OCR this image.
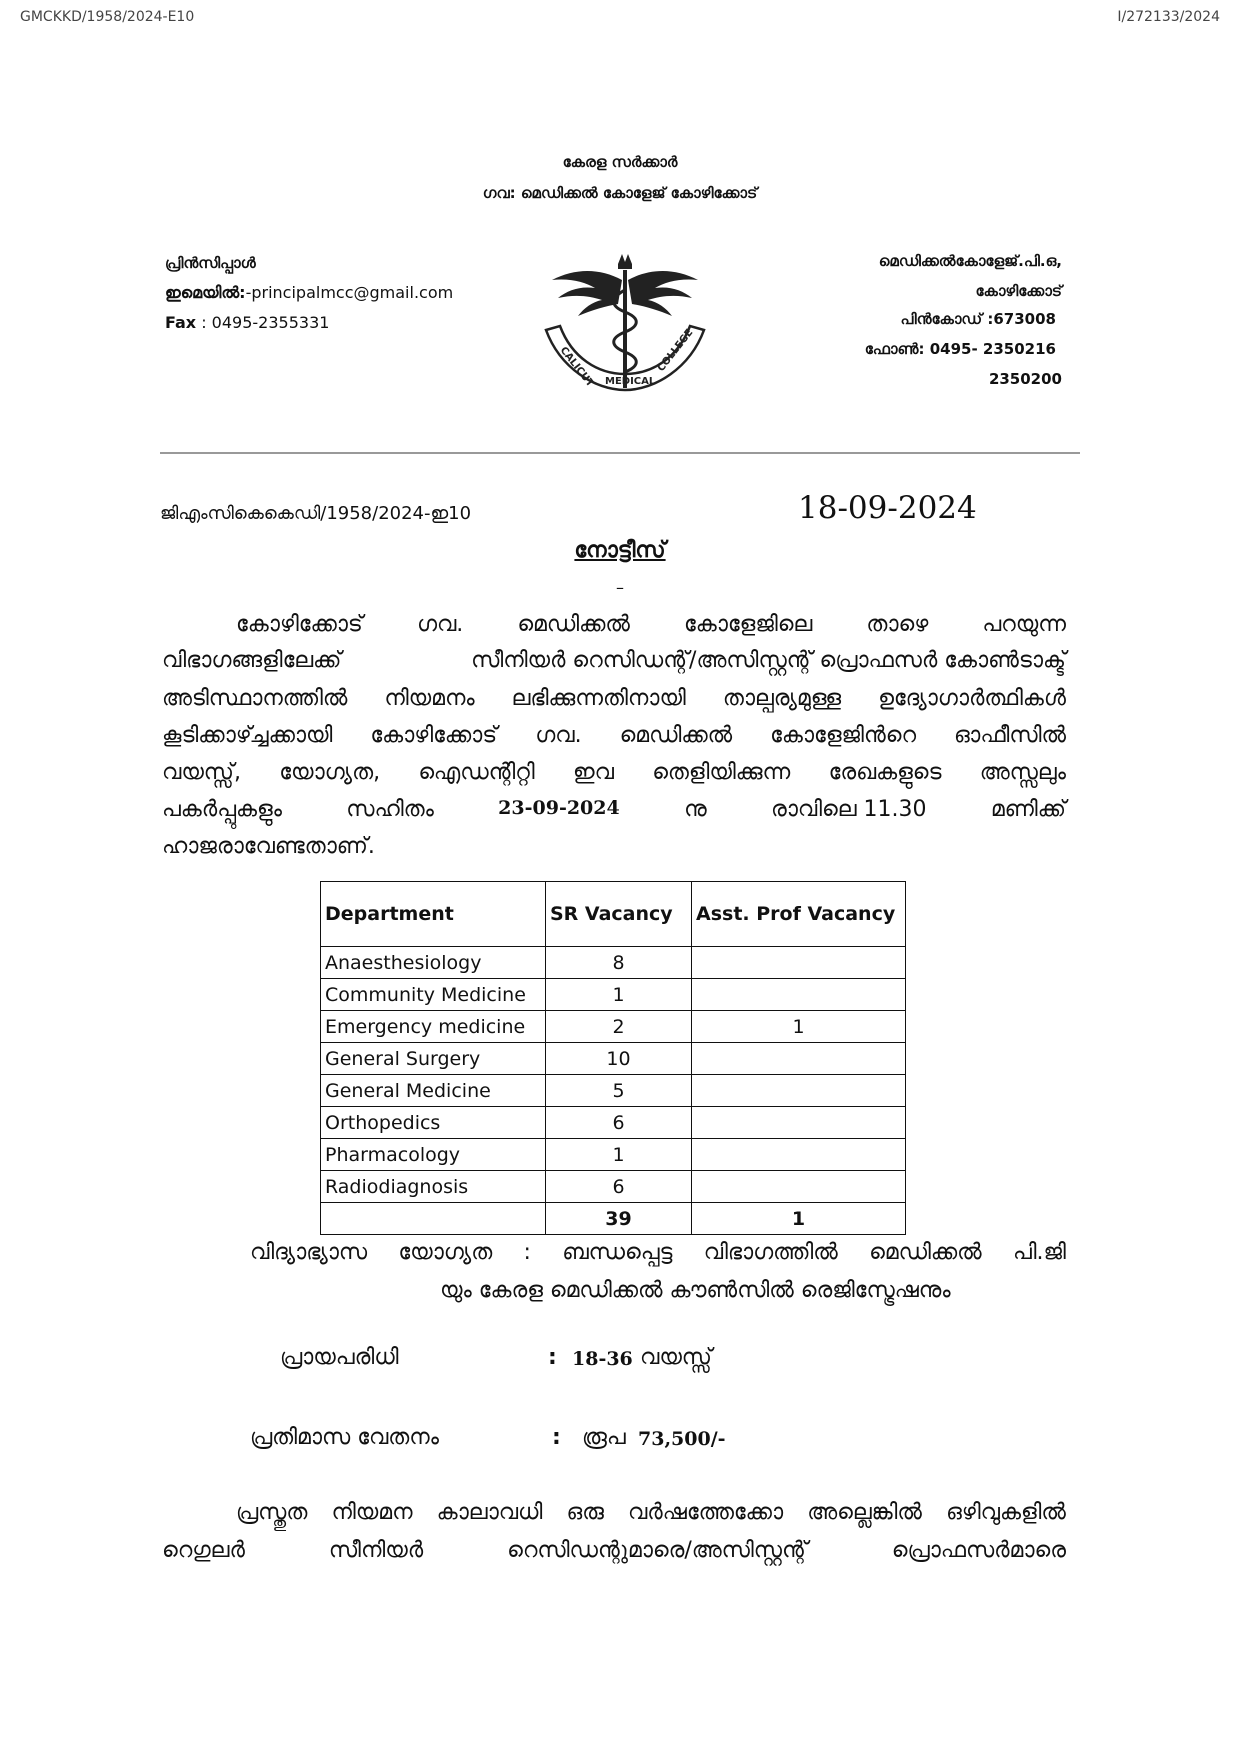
GMCKKD/1958/2024-E10	I/272133/2024
കേരള സർക്കാർ
ഗവ: മെഡിക്കൽ കോളേജ് കോഴിക്കോട്
പ്രിൻസിപ്പാൾ
ഇമെയിൽ:-principalmcc@gmail.com
Fax : 0495-2355331
CALICUT MEDICAL
COLLEGE
മെഡിക്കൽകോളേജ്.പി.ഒ,
കോഴിക്കോട്
പിൻകോഡ് :673008
ഫോൺ: 0495- 2350216
2350200
ജിഎംസികെകെഡി/1958/2024-ഇ10	18-09-2024
നോട്ടീസ്
–
കോഴിക്കോട് ഗവ. മെഡിക്കൽ കോളേജിലെ താഴെ പറയുന്ന
വിഭാഗങ്ങളിലേക്ക്	സീനിയർ റെസിഡന്റ്/അസിസ്റ്റന്റ് പ്രൊഫസർ കോൺടാക്ട്
അടിസ്ഥാനത്തിൽ നിയമനം ലഭിക്കുന്നതിനായി താല്പര്യമുള്ള ഉദ്യോഗാർത്ഥികൾ
കൂടിക്കാഴ്ച്ചക്കായി കോഴിക്കോട് ഗവ. മെഡിക്കൽ കോളേജിൻറെ ഓഫീസിൽ
വയസ്സ്, യോഗ്യത, ഐഡന്റിറ്റി ഇവ തെളിയിക്കുന്ന രേഖകളുടെ അസ്സലും
പകർപ്പുകളും	സഹിതം	23-09-2024	നു	രാവിലെ 11.30	മണിക്ക്
ഹാജരാവേണ്ടതാണ്.
Department	SR Vacancy	Asst. Prof Vacancy
Anaesthesiology	8	
Community Medicine	1	
Emergency medicine	2	1
General Surgery	10	
General Medicine	5	
Orthopedics	6	
Pharmacology	1	
Radiodiagnosis	6	
	39	1
വിദ്യാഭ്യാസ യോഗ്യത : ബന്ധപ്പെട്ട വിഭാഗത്തിൽ മെഡിക്കൽ പി.ജി
യും കേരള മെഡിക്കൽ കൗൺസിൽ രെജിസ്ട്രേഷനും
പ്രായപരിധി	: 18-36 വയസ്സ്
പ്രതിമാസ വേതനം	: രൂപ 73,500/-
പ്രസ്തുത നിയമന കാലാവധി ഒരു വർഷത്തേക്കോ അല്ലെങ്കിൽ ഒഴിവുകളിൽ
റെഗുലർ	സീനിയർ	റെസിഡന്റുമാരെ/അസിസ്റ്റന്റ്	പ്രൊഫസർമാരെ
